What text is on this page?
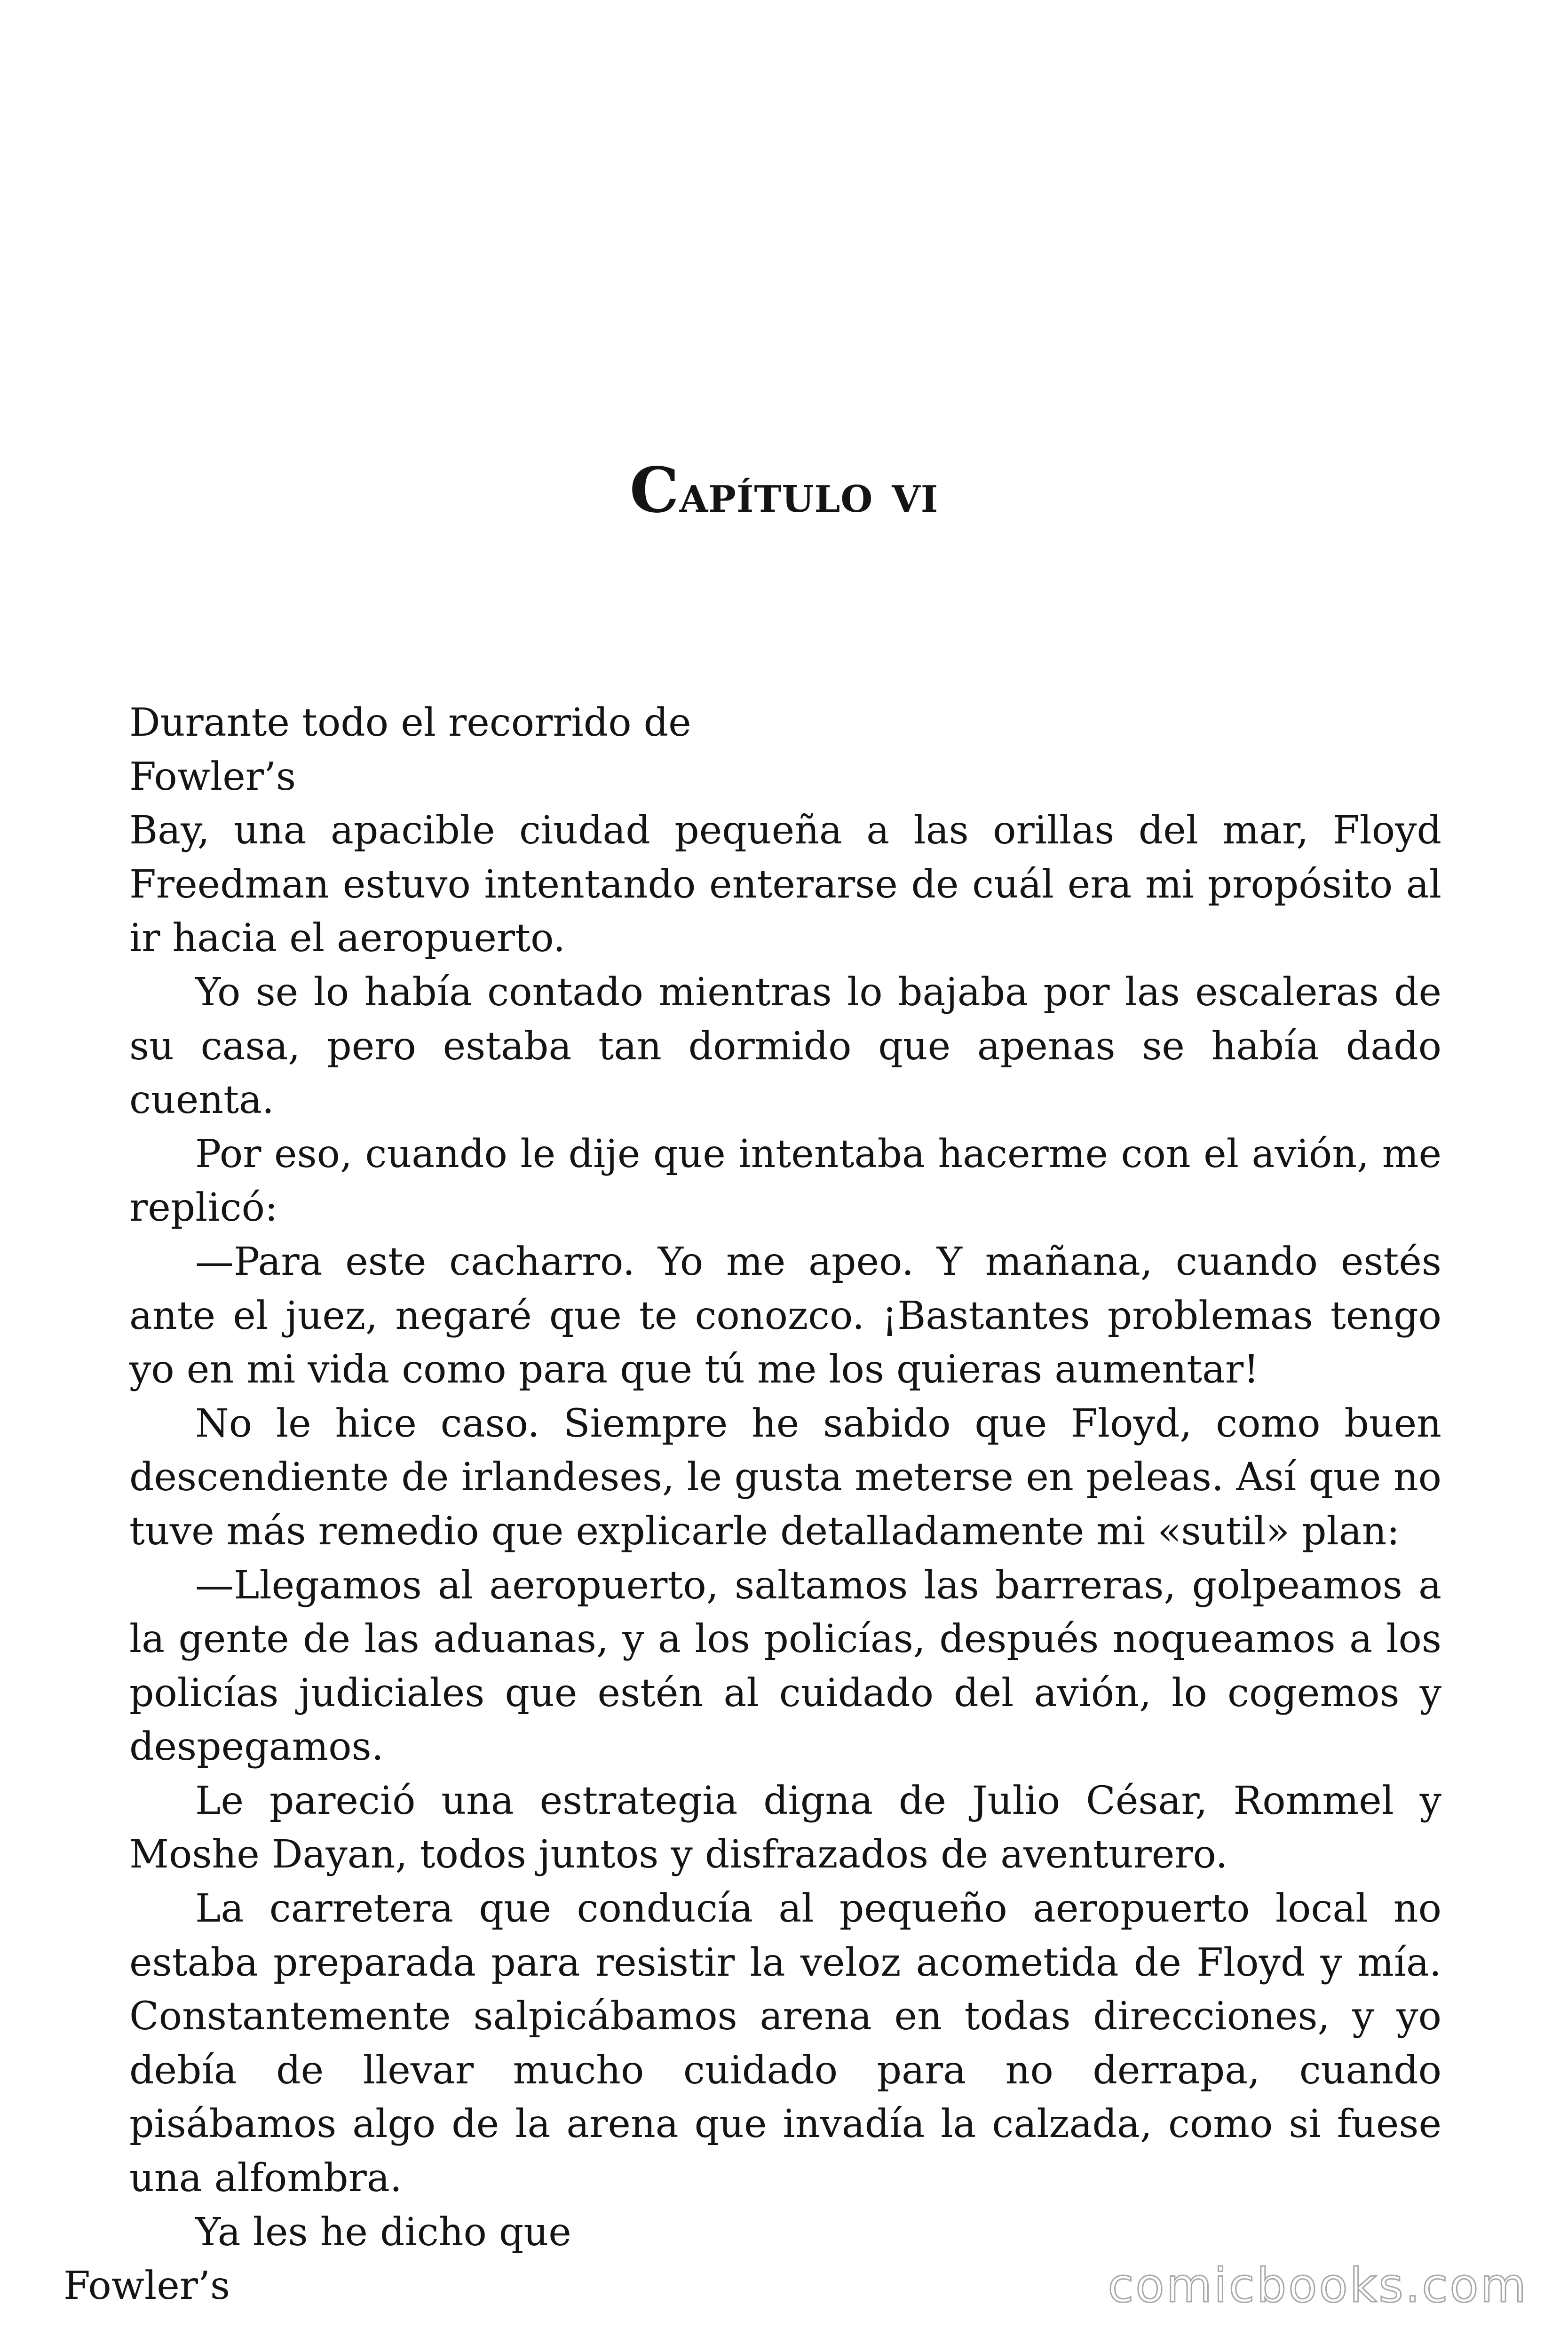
Capítulo vi

Durante todo el recorrido de
Fowler’s
Bay, una apacible ciudad pequeña a las orillas del mar, Floyd Freedman estuvo intentando enterarse de cuál era mi propósito al ir hacia el aeropuerto.

Yo se lo había contado mientras lo bajaba por las escaleras de su casa, pero estaba tan dormido que apenas se había dado cuenta.

Por eso, cuando le dije que intentaba hacerme con el avión, me replicó:

—Para este cacharro. Yo me apeo. Y mañana, cuando estés ante el juez, negaré que te conozco. ¡Bastantes problemas tengo yo en mi vida como para que tú me los quieras aumentar!

No le hice caso. Siempre he sabido que Floyd, como buen descendiente de irlandeses, le gusta meterse en peleas. Así que no tuve más remedio que explicarle detalladamente mi «sutil» plan:

—Llegamos al aeropuerto, saltamos las barreras, golpeamos a la gente de las aduanas, y a los policías, después noqueamos a los policías judiciales que estén al cuidado del avión, lo cogemos y despegamos.

Le pareció una estrategia digna de Julio César, Rommel y Moshe Dayan, todos juntos y disfrazados de aventurero.

La carretera que conducía al pequeño aeropuerto local no estaba preparada para resistir la veloz acometida de Floyd y mía. Constantemente salpicábamos arena en todas direcciones, y yo debía de llevar mucho cuidado para no derrapa, cuando pisábamos algo de la arena que invadía la calzada, como si fuese una alfombra.

Ya les he dicho que
Fowler’s	comicbooks.com
